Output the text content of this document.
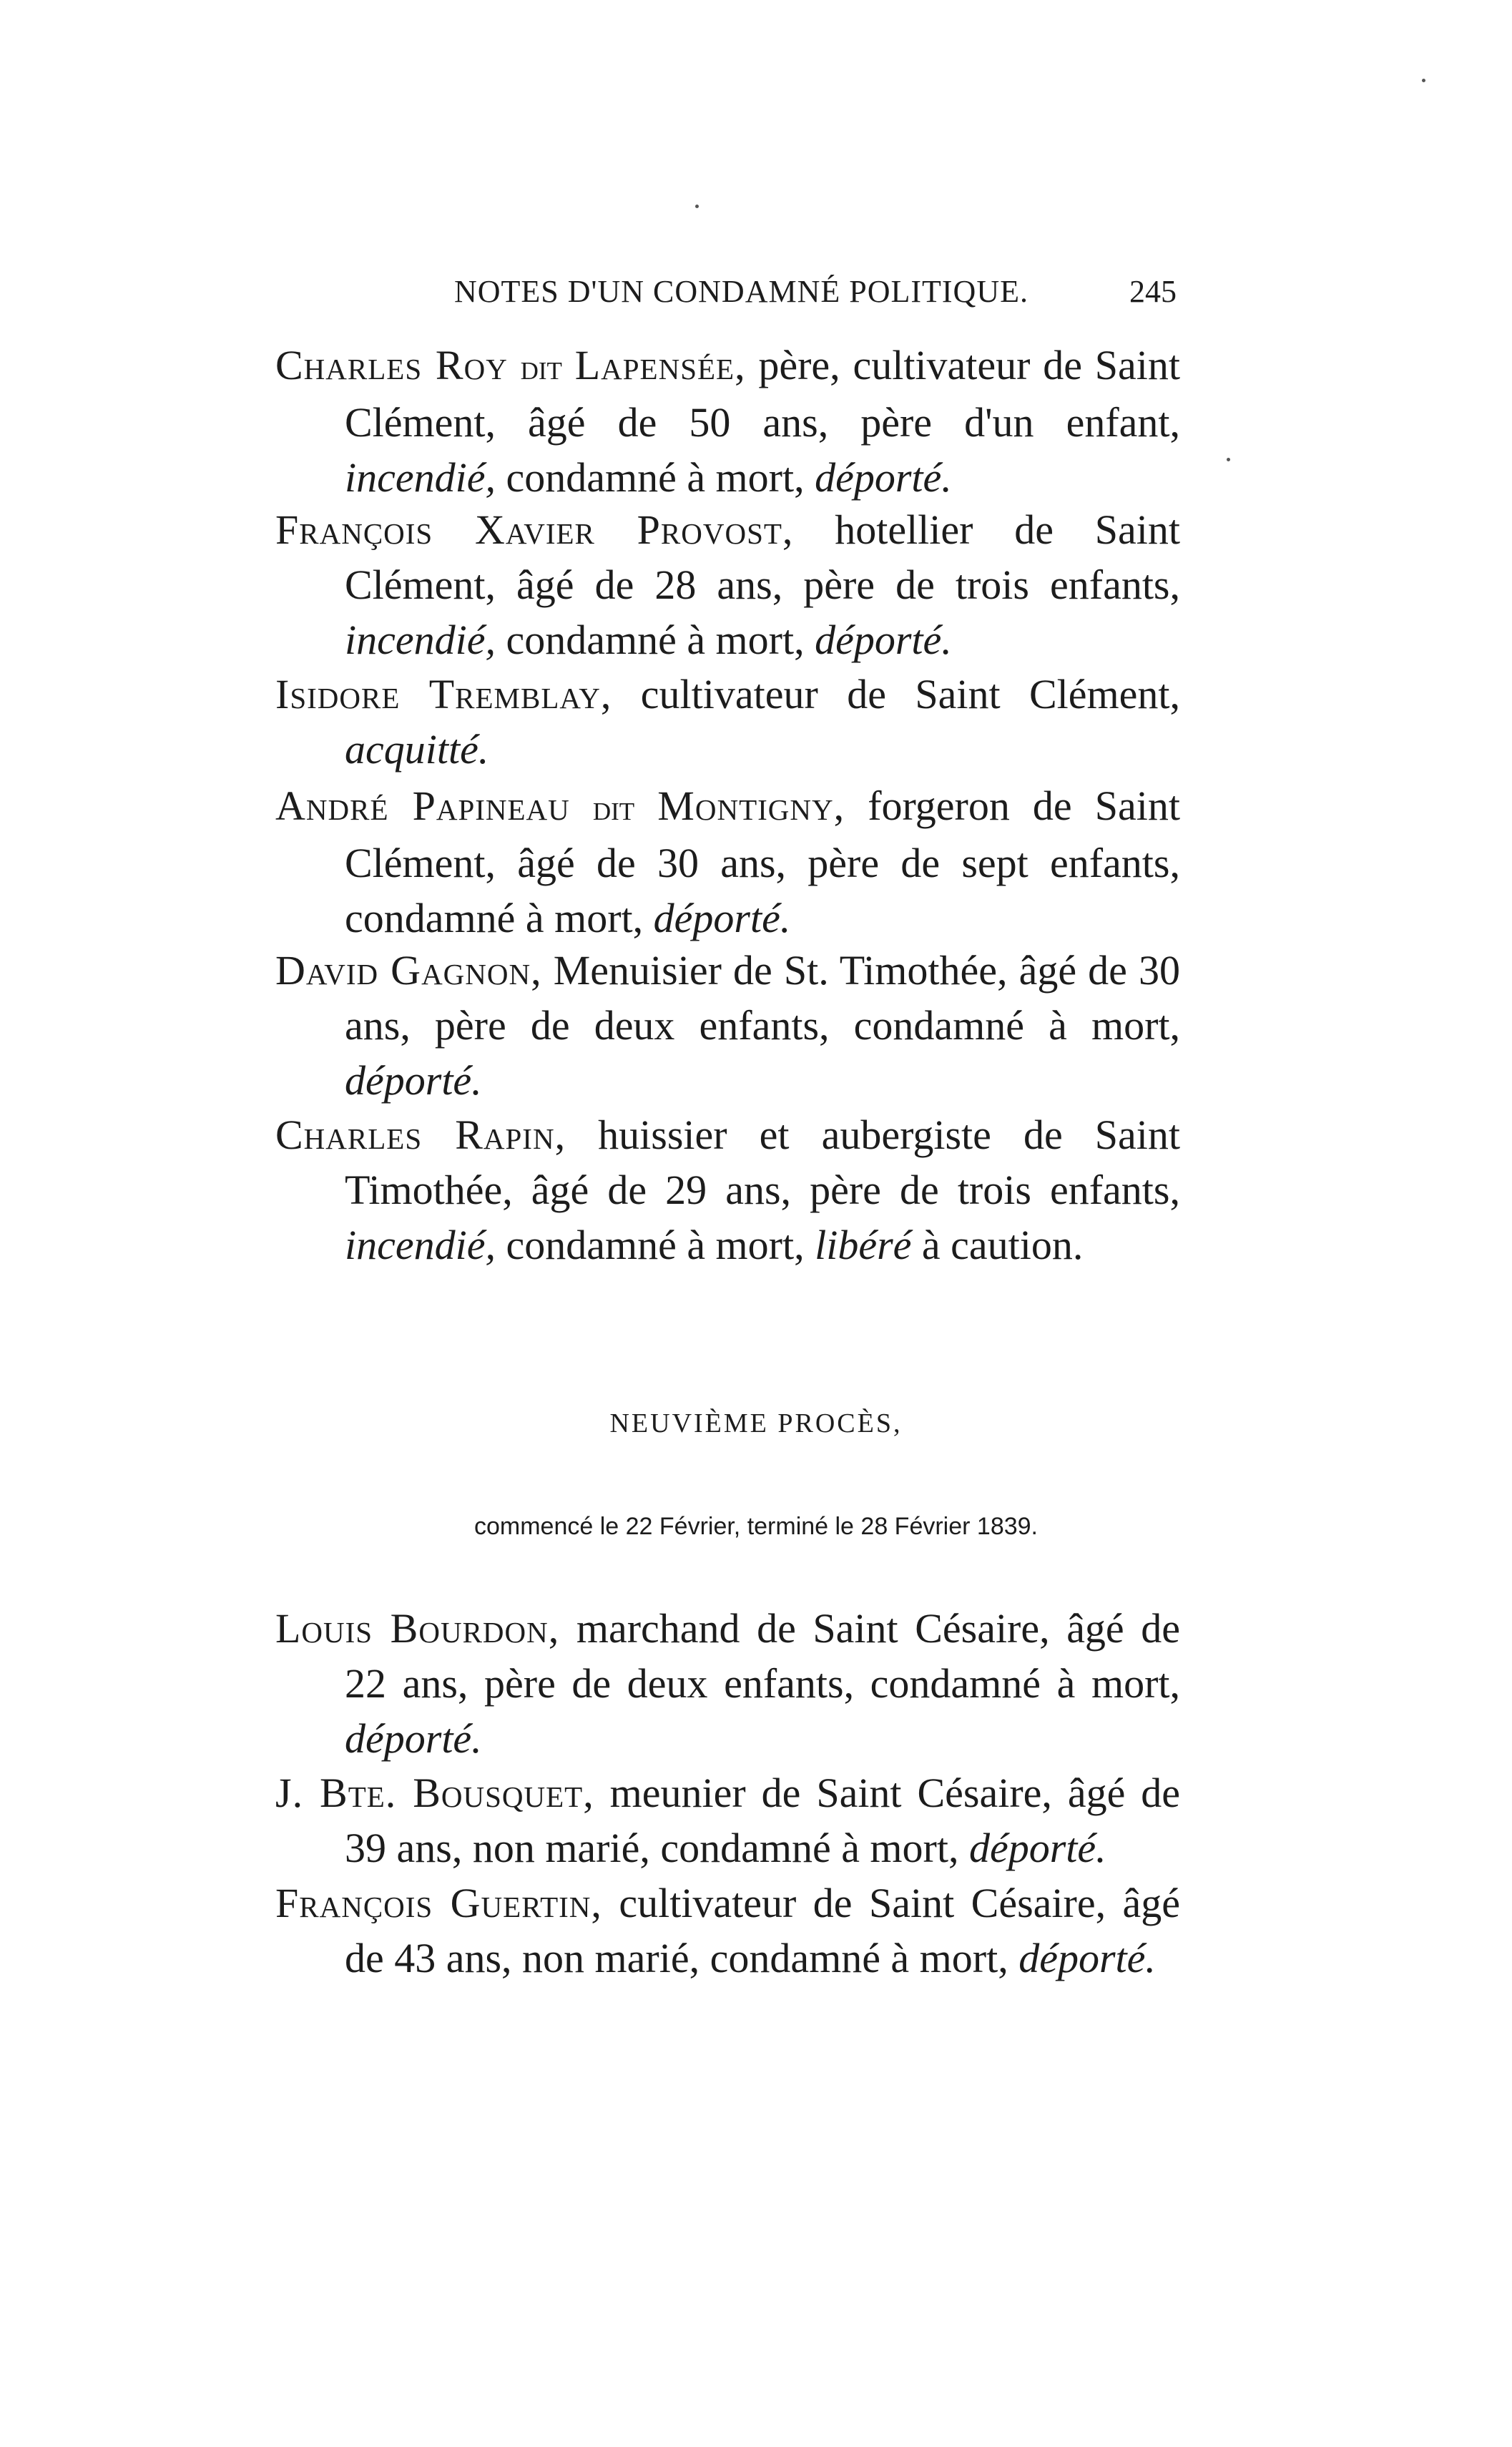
NOTES D'UN CONDAMNÉ POLITIQUE.	245

Charles Roy dit Lapensée, père, cultivateur de Saint Clément, âgé de 50 ans, père d'un enfant, incendié, condamné à mort, déporté.

François Xavier Provost, hotellier de Saint Clément, âgé de 28 ans, père de trois enfants, incendié, condamné à mort, déporté.

Isidore Tremblay, cultivateur de Saint Clément, acquitté.

André Papineau dit Montigny, forgeron de Saint Clément, âgé de 30 ans, père de sept enfants, condamné à mort, déporté.

David Gagnon, Menuisier de St. Timothée, âgé de 30 ans, père de deux enfants, condamné à mort, déporté.

Charles Rapin, huissier et aubergiste de Saint Timothée, âgé de 29 ans, père de trois enfants, incendié, condamné à mort, libéré à caution.

NEUVIÈME PROCÈS,
commencé le 22 Février, terminé le 28 Février 1839.

Louis Bourdon, marchand de Saint Césaire, âgé de 22 ans, père de deux enfants, condamné à mort, déporté.

J. Bte. Bousquet, meunier de Saint Césaire, âgé de 39 ans, non marié, condamné à mort, déporté.

François Guertin, cultivateur de Saint Césaire, âgé de 43 ans, non marié, condamné à mort, déporté.
